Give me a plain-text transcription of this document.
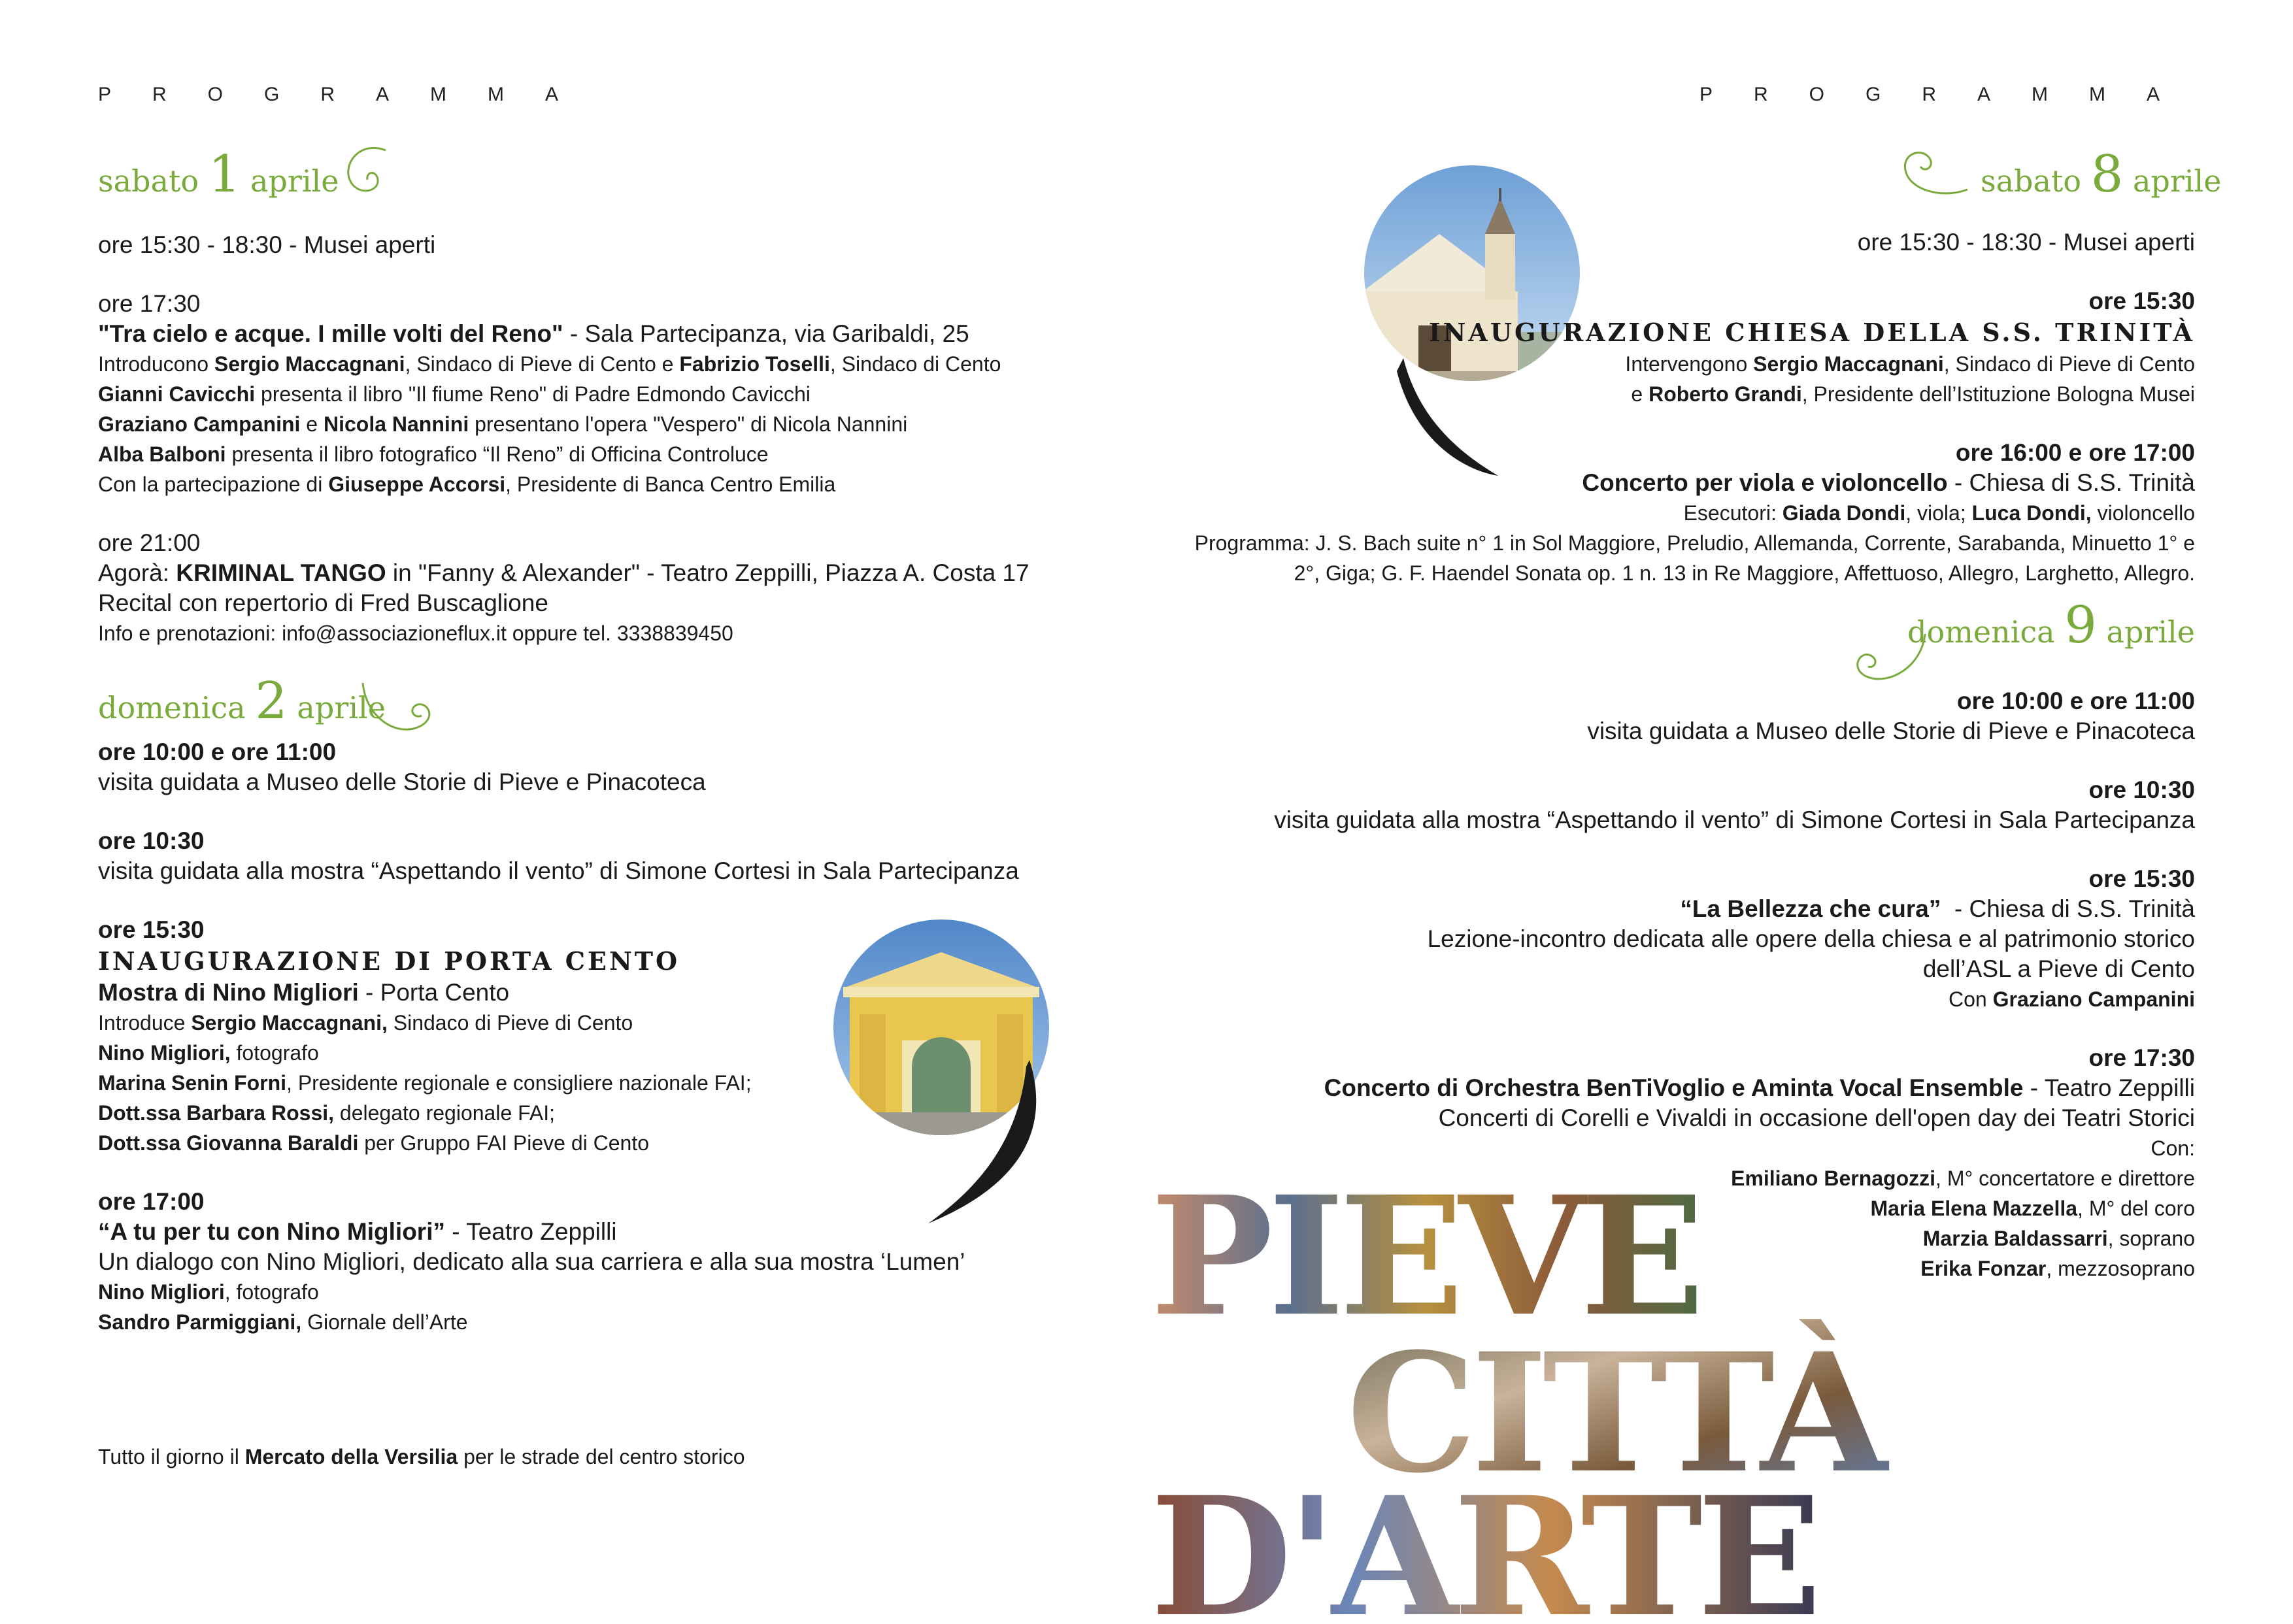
PROGRAMMA	PROGRAMMA
sabato 1 aprile

ore 15:30 - 18:30 - Musei aperti

ore 17:30

"Tra cielo e acque. I mille volti del Reno" - Sala Partecipanza, via Garibaldi, 25

Introducono Sergio Maccagnani, Sindaco di Pieve di Cento e Fabrizio Toselli, Sindaco di Cento

Gianni Cavicchi presenta il libro "Il fiume Reno" di Padre Edmondo Cavicchi

Graziano Campanini e Nicola Nannini presentano l'opera "Vespero" di Nicola Nannini

Alba Balboni presenta il libro fotografico “Il Reno” di Officina Controluce

Con la partecipazione di Giuseppe Accorsi, Presidente di Banca Centro Emilia

ore 21:00

Agorà: KRIMINAL TANGO in "Fanny & Alexander" - Teatro Zeppilli, Piazza A. Costa 17

Recital con repertorio di Fred Buscaglione

Info e prenotazioni: info@associazioneflux.it oppure tel. 3338839450

domenica 2 aprile

ore 10:00 e ore 11:00

visita guidata a Museo delle Storie di Pieve e Pinacoteca

ore 10:30

visita guidata alla mostra “Aspettando il vento” di Simone Cortesi in Sala Partecipanza

ore 15:30

INAUGURAZIONE DI PORTA CENTO

Mostra di Nino Migliori - Porta Cento

Introduce Sergio Maccagnani, Sindaco di Pieve di Cento

Nino Migliori, fotografo

Marina Senin Forni, Presidente regionale e consigliere nazionale FAI;

Dott.ssa Barbara Rossi, delegato regionale FAI;

Dott.ssa Giovanna Baraldi per Gruppo FAI Pieve di Cento

ore 17:00

“A tu per tu con Nino Migliori” - Teatro Zeppilli

Un dialogo con Nino Migliori, dedicato alla sua carriera e alla sua mostra ‘Lumen’

Nino Migliori, fotografo

Sandro Parmiggiani, Giornale dell’Arte

Tutto il giorno il Mercato della Versilia per le strade del centro storico

sabato 8 aprile

ore 15:30 - 18:30 - Musei aperti

ore 15:30

INAUGURAZIONE CHIESA DELLA S.S. TRINITÀ

Intervengono Sergio Maccagnani, Sindaco di Pieve di Cento

e Roberto Grandi, Presidente dell’Istituzione Bologna Musei

ore 16:00 e ore 17:00

Concerto per viola e violoncello - Chiesa di S.S. Trinità

Esecutori: Giada Dondi, viola; Luca Dondi, violoncello

Programma: J. S. Bach suite n° 1 in Sol Maggiore, Preludio, Allemanda, Corrente, Sarabanda, Minuetto 1° e

2°, Giga; G. F. Haendel Sonata op. 1 n. 13 in Re Maggiore, Affettuoso, Allegro, Larghetto, Allegro.

domenica 9 aprile

ore 10:00 e ore 11:00

visita guidata a Museo delle Storie di Pieve e Pinacoteca

ore 10:30

visita guidata alla mostra “Aspettando il vento” di Simone Cortesi in Sala Partecipanza

ore 15:30

“La Bellezza che cura”  - Chiesa di S.S. Trinità

Lezione-incontro dedicata alle opere della chiesa e al patrimonio storico

dell’ASL a Pieve di Cento

Con Graziano Campanini

ore 17:30

Concerto di Orchestra BenTiVoglio e Aminta Vocal Ensemble - Teatro Zeppilli

Concerti di Corelli e Vivaldi in occasione dell'open day dei Teatri Storici

Con:

Emiliano Bernagozzi, M° concertatore e direttore

Maria Elena Mazzella, M° del coro

Marzia Baldassarri, soprano

Erika Fonzar, mezzosoprano

PIEVE
CITTÀ
D'ARTE
